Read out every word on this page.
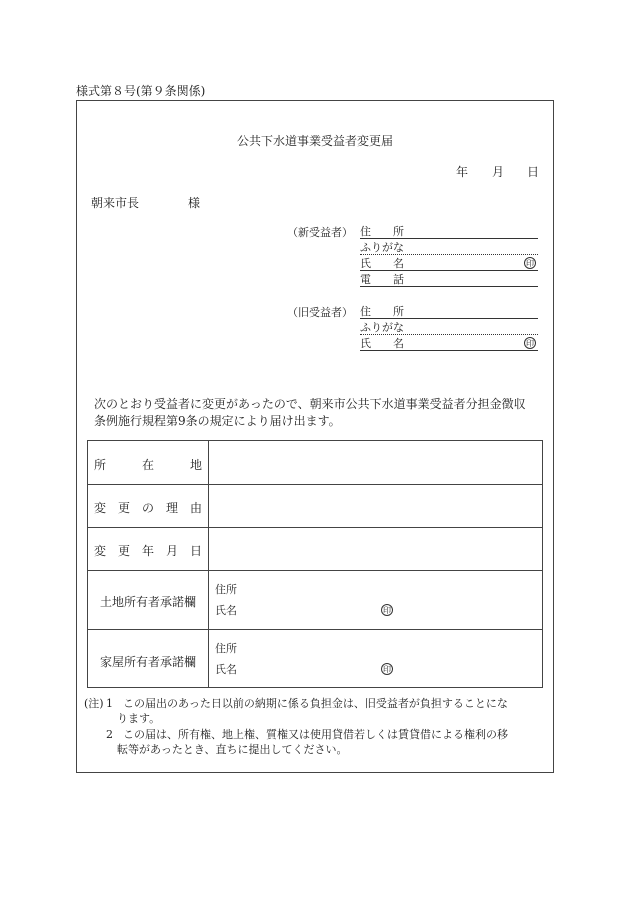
様式第８号(第９条関係)
公共下水道事業受益者変更届
年 月 日
朝来市長	様
（新受益者） 住　　所
ふりがな
氏　　名	印
電　　話
（旧受益者） 住　　所
ふりがな
氏　　名	印
次のとおり受益者に変更があったので、朝来市公共下水道事業受益者分担金徴収
条例施行規程第9条の規定により届け出ます。
所　　　在　　　地
変　更　の　理　由
変　更　年　月　日
土地所有者承諾欄
住所
氏名	印
家屋所有者承諾欄
住所
氏名	印
(注) 1 この届出のあった日以前の納期に係る負担金は、旧受益者が負担することにな
ります。
2 この届は、所有権、地上権、質権又は使用貸借若しくは賃貸借による権利の移
転等があったとき、直ちに提出してください。
